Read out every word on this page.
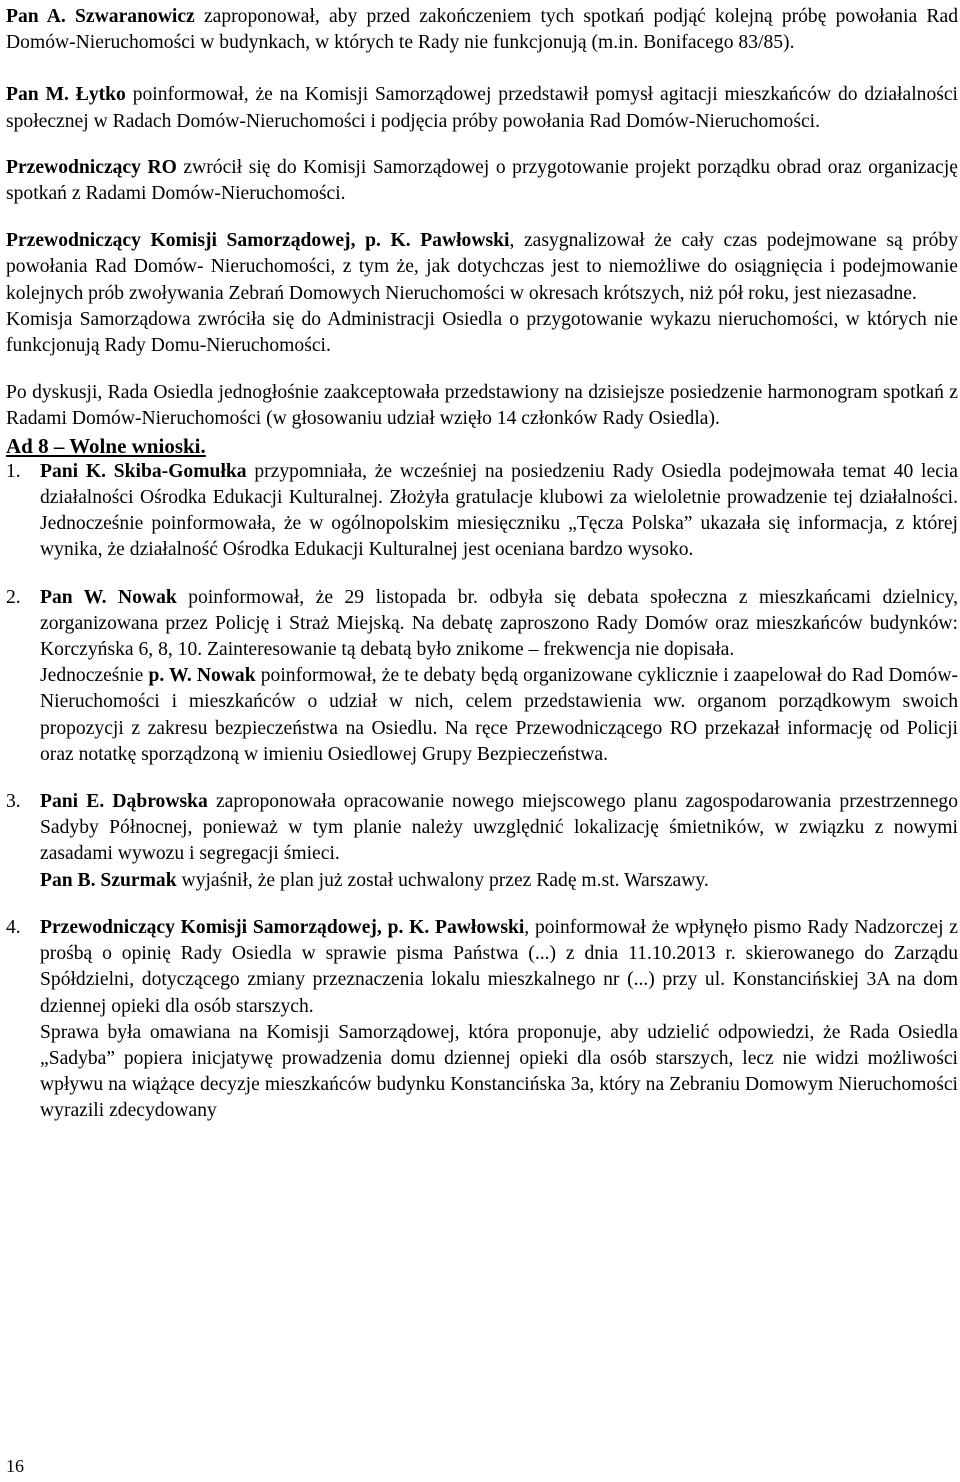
Pan A. Szwaranowicz zaproponował, aby przed zakończeniem tych spotkań podjąć kolejną próbę powołania Rad Domów-Nieruchomości w budynkach, w których te Rady nie funkcjonują (m.in. Bonifacego 83/85).

Pan M. Łytko poinformował, że na Komisji Samorządowej przedstawił pomysł agitacji mieszkańców do działalności społecznej w Radach Domów-Nieruchomości i podjęcia próby powołania Rad Domów-Nieruchomości.

Przewodniczący RO zwrócił się do Komisji Samorządowej o przygotowanie projekt porządku obrad oraz organizację spotkań z Radami Domów-Nieruchomości.

Przewodniczący Komisji Samorządowej, p. K. Pawłowski, zasygnalizował że cały czas podejmowane są próby powołania Rad Domów- Nieruchomości, z tym że, jak dotychczas jest to niemożliwe do osiągnięcia i podejmowanie kolejnych prób zwoływania Zebrań Domowych Nieruchomości w okresach krótszych, niż pół roku, jest niezasadne.

Komisja Samorządowa zwróciła się do Administracji Osiedla o przygotowanie wykazu nieruchomości, w których nie funkcjonują Rady Domu-Nieruchomości.

Po dyskusji, Rada Osiedla jednogłośnie zaakceptowała przedstawiony na dzisiejsze posiedzenie harmonogram spotkań z Radami Domów-Nieruchomości (w głosowaniu udział wzięło 14 członków Rady Osiedla).

Ad 8 – Wolne wnioski.

1. Pani K. Skiba-Gomułka przypomniała, że wcześniej na posiedzeniu Rady Osiedla podejmowała temat 40 lecia działalności Ośrodka Edukacji Kulturalnej. Złożyła gratulacje klubowi za wieloletnie prowadzenie tej działalności. Jednocześnie poinformowała, że w ogólnopolskim miesięczniku „Tęcza Polska” ukazała się informacja, z której wynika, że działalność Ośrodka Edukacji Kulturalnej jest oceniana bardzo wysoko.

2. Pan W. Nowak poinformował, że 29 listopada br. odbyła się debata społeczna z mieszkańcami dzielnicy, zorganizowana przez Policję i Straż Miejską. Na debatę zaproszono Rady Domów oraz mieszkańców budynków: Korczyńska 6, 8, 10. Zainteresowanie tą debatą było znikome – frekwencja nie dopisała.

Jednocześnie p. W. Nowak poinformował, że te debaty będą organizowane cyklicznie i zaapelował do Rad Domów-Nieruchomości i mieszkańców o udział w nich, celem przedstawienia ww. organom porządkowym swoich propozycji z zakresu bezpieczeństwa na Osiedlu. Na ręce Przewodniczącego RO przekazał informację od Policji oraz notatkę sporządzoną w imieniu Osiedlowej Grupy Bezpieczeństwa.

3. Pani E. Dąbrowska zaproponowała opracowanie nowego miejscowego planu zagospodarowania przestrzennego Sadyby Północnej, ponieważ w tym planie należy uwzględnić lokalizację śmietników, w związku z nowymi zasadami wywozu i segregacji śmieci.

Pan B. Szurmak wyjaśnił, że plan już został uchwalony przez Radę m.st. Warszawy.

4. Przewodniczący Komisji Samorządowej, p. K. Pawłowski, poinformował że wpłynęło pismo Rady Nadzorczej z prośbą o opinię Rady Osiedla w sprawie pisma Państwa (...) z dnia 11.10.2013 r. skierowanego do Zarządu Spółdzielni, dotyczącego zmiany przeznaczenia lokalu mieszkalnego nr (...) przy ul. Konstancińskiej 3A na dom dziennej opieki dla osób starszych.

Sprawa była omawiana na Komisji Samorządowej, która proponuje, aby udzielić odpowiedzi, że Rada Osiedla „Sadyba” popiera inicjatywę prowadzenia domu dziennej opieki dla osób starszych, lecz nie widzi możliwości wpływu na wiążące decyzje mieszkańców budynku Konstancińska 3a, który na Zebraniu Domowym Nieruchomości wyrazili zdecydowany

16
